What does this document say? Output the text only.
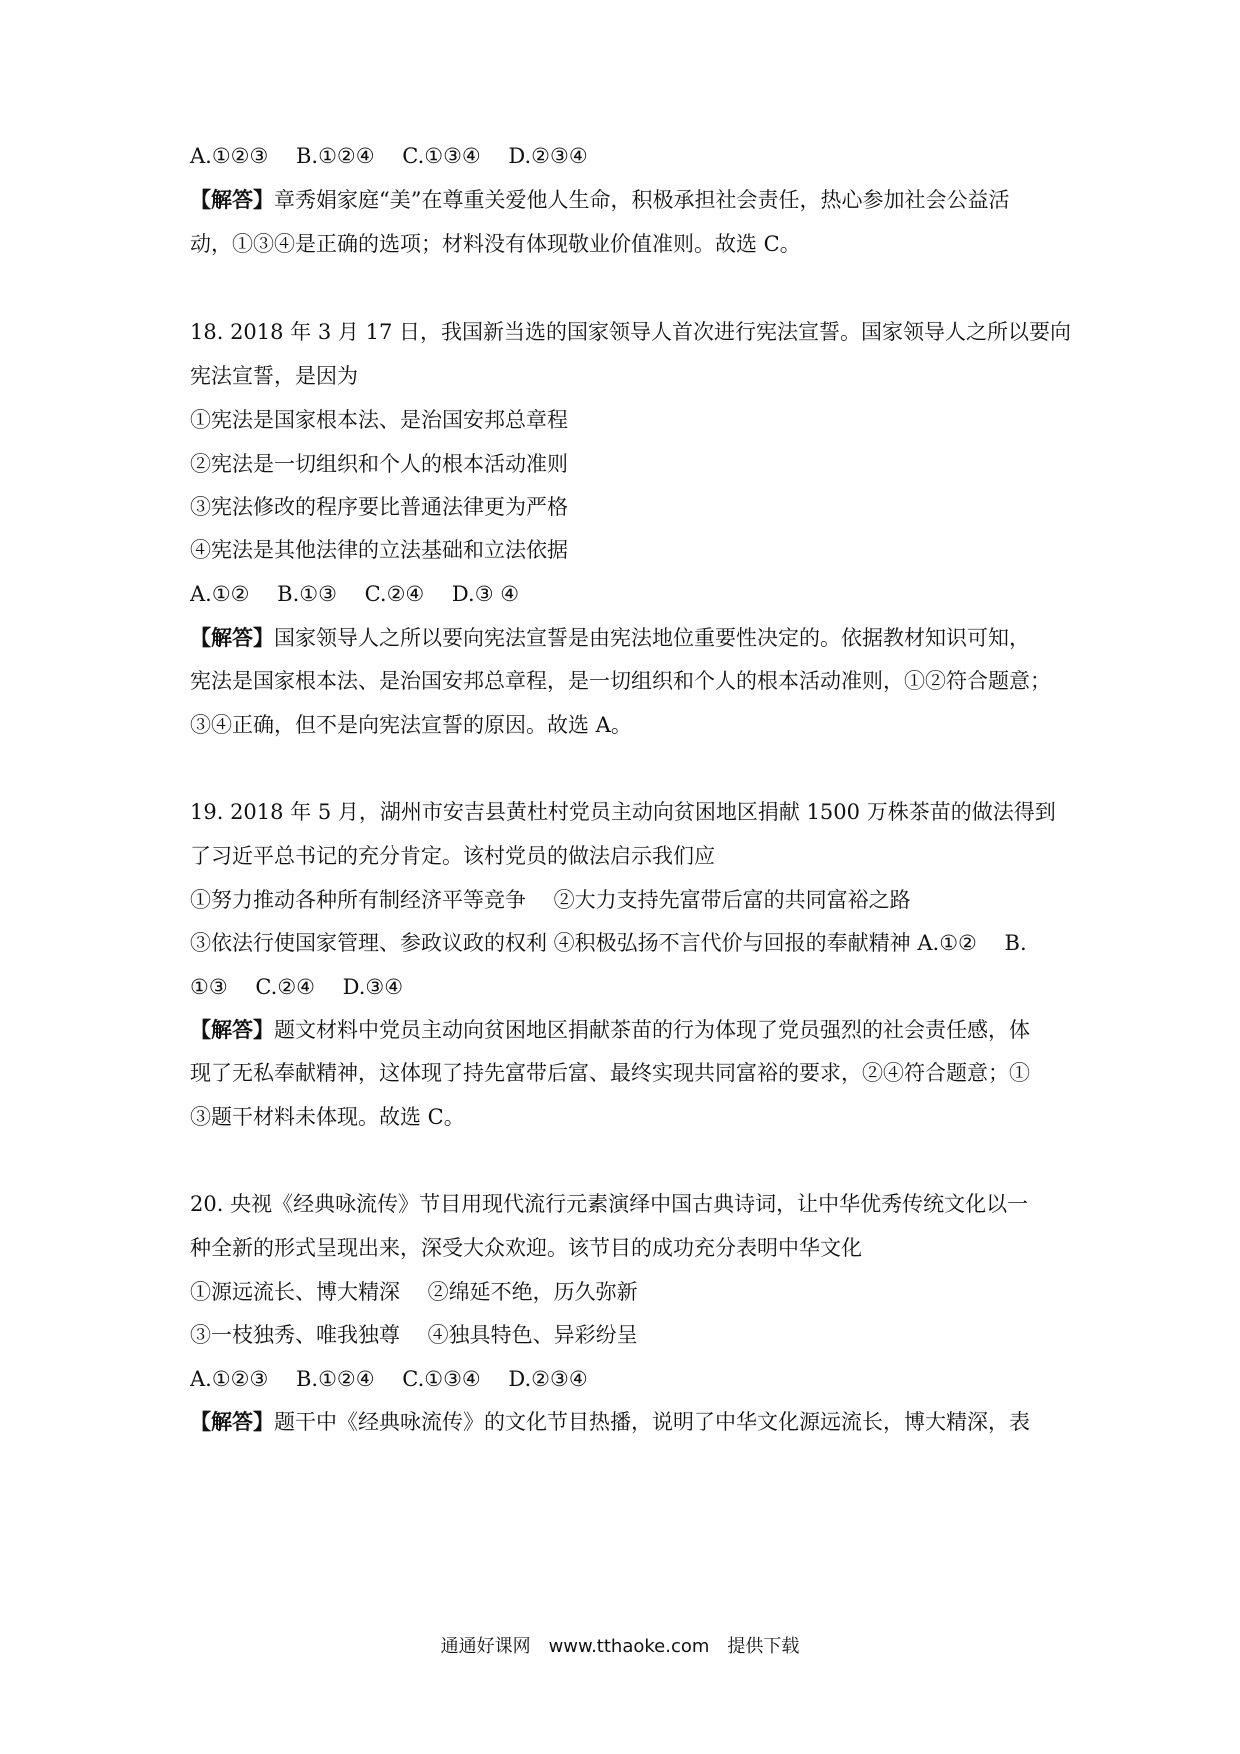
A.①②③　 B.①②④　 C.①③④　 D.②③④
【解答】章秀娟家庭“美”在尊重关爱他人生命，积极承担社会责任，热心参加社会公益活
动，①③④是正确的选项；材料没有体现敬业价值准则。故选 C。
18. 2018 年 3 月 17 日，我国新当选的国家领导人首次进行宪法宣誓。国家领导人之所以要向
宪法宣誓，是因为
①宪法是国家根本法、是治国安邦总章程
②宪法是一切组织和个人的根本活动准则
③宪法修改的程序要比普通法律更为严格
④宪法是其他法律的立法基础和立法依据
A.①②　 B.①③　 C.②④　 D.③ ④
【解答】国家领导人之所以要向宪法宣誓是由宪法地位重要性决定的。依据教材知识可知，
宪法是国家根本法、是治国安邦总章程，是一切组织和个人的根本活动准则，①②符合题意；
③④正确，但不是向宪法宣誓的原因。故选 A。
19. 2018 年 5 月，湖州市安吉县黄杜村党员主动向贫困地区捐献 1500 万株茶苗的做法得到
了习近平总书记的充分肯定。该村党员的做法启示我们应
①努力推动各种所有制经济平等竞争　 ②大力支持先富带后富的共同富裕之路
③依法行使国家管理、参政议政的权利 ④积极弘扬不言代价与回报的奉献精神 A.①②　 B.
①③　 C.②④　 D.③④
【解答】题文材料中党员主动向贫困地区捐献茶苗的行为体现了党员强烈的社会责任感，体
现了无私奉献精神，这体现了持先富带后富、最终实现共同富裕的要求，②④符合题意；①
③题干材料未体现。故选 C。
20. 央视《经典咏流传》节目用现代流行元素演绎中国古典诗词，让中华优秀传统文化以一
种全新的形式呈现出来，深受大众欢迎。该节目的成功充分表明中华文化
①源远流长、博大精深　 ②绵延不绝，历久弥新
③一枝独秀、唯我独尊　 ④独具特色、异彩纷呈
A.①②③　 B.①②④　 C.①③④　 D.②③④
【解答】题干中《经典咏流传》的文化节目热播，说明了中华文化源远流长，博大精深，表
通通好课网　www.tthaoke.com　提供下载
